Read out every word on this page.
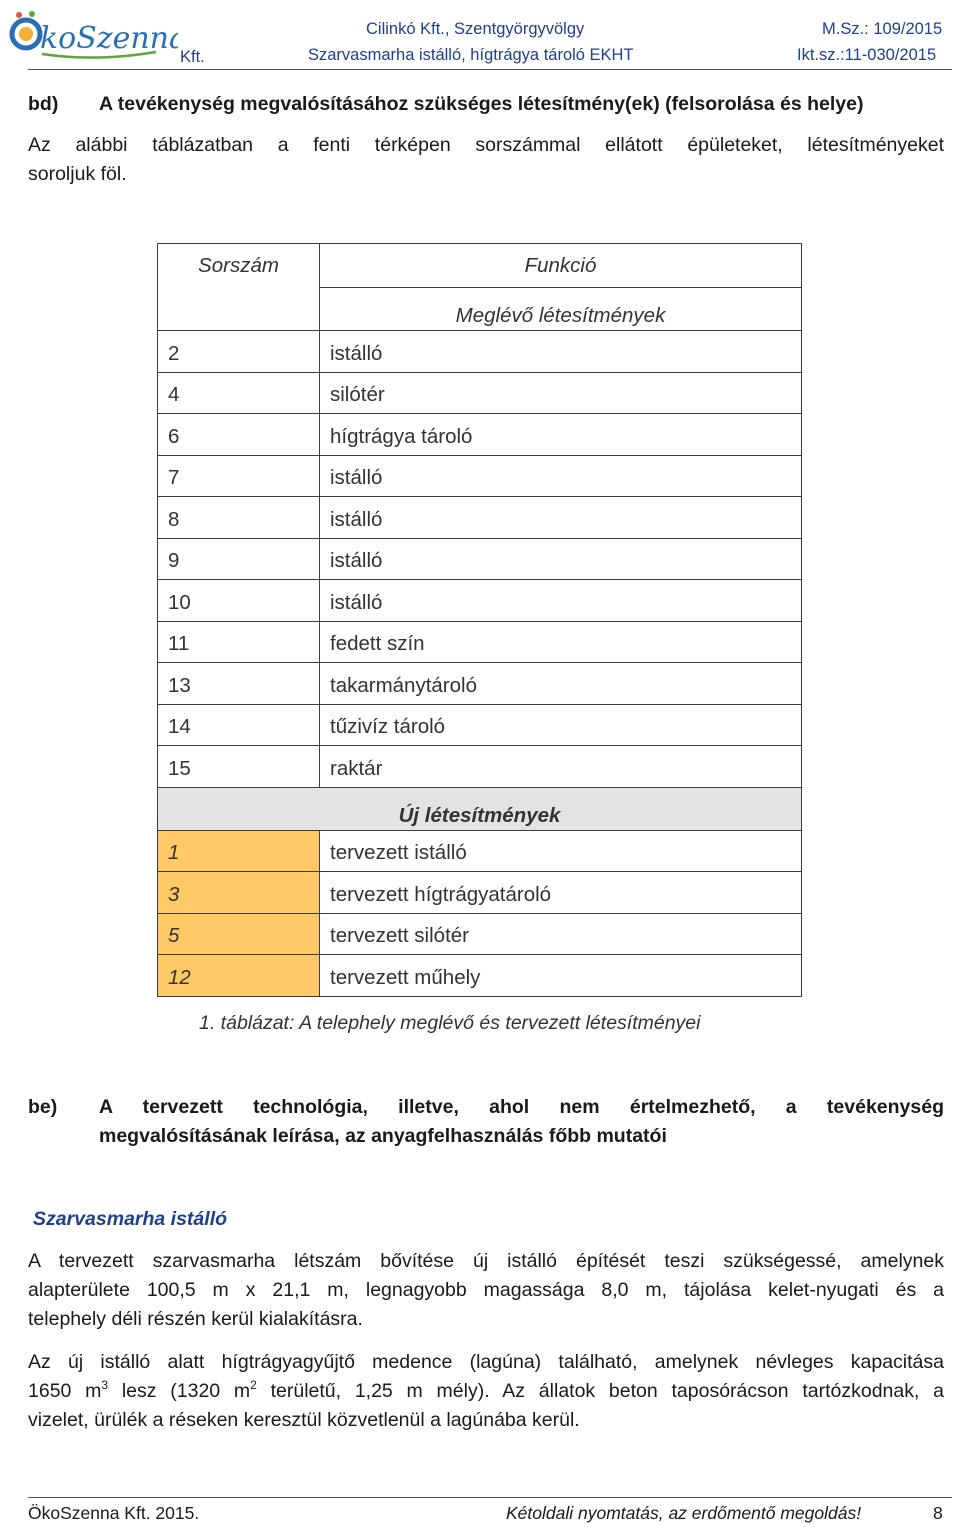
koSzenna
Kft.
Cilinkó Kft., Szentgyörgyvölgy
Szarvasmarha istálló, hígtrágya tároló EKHT
M.Sz.: 109/2015
Ikt.sz.:11-030/2015
bd) A tevékenység megvalósításához szükséges létesítmény(ek) (felsorolása és helye)
Az alábbi táblázatban a fenti térképen sorszámmal ellátott épületeket, létesítményeket
soroljuk föl.
Sorszám	Funkció
	Meglévő létesítmények
2	istálló
4	silótér
6	hígtrágya tároló
7	istálló
8	istálló
9	istálló
10	istálló
11	fedett szín
13	takarmánytároló
14	tűzivíz tároló
15	raktár
Új létesítmények	
1	tervezett istálló
3	tervezett hígtrágyatároló
5	tervezett silótér
12	tervezett műhely
1. táblázat: A telephely meglévő és tervezett létesítményei
be) A tervezett technológia, illetve, ahol nem értelmezhető, a tevékenység
megvalósításának leírása, az anyagfelhasználás főbb mutatói
Szarvasmarha istálló
A tervezett szarvasmarha létszám bővítése új istálló építését teszi szükségessé, amelynek
alapterülete 100,5 m x 21,1 m, legnagyobb magassága 8,0 m, tájolása kelet-nyugati és a
telephely déli részén kerül kialakításra.
Az új istálló alatt hígtrágyagyűjtő medence (lagúna) található, amelynek névleges kapacitása
1650 $m^3$ lesz (1320 $m^2$ területű, 1,25 m mély). Az állatok beton taposórácson tartózkodnak, a
vizelet, ürülék a réseken keresztül közvetlenül a lagúnába kerül.
ÖkoSzenna Kft. 2015.	Kétoldali nyomtatás, az erdőmentő megoldás!	8
